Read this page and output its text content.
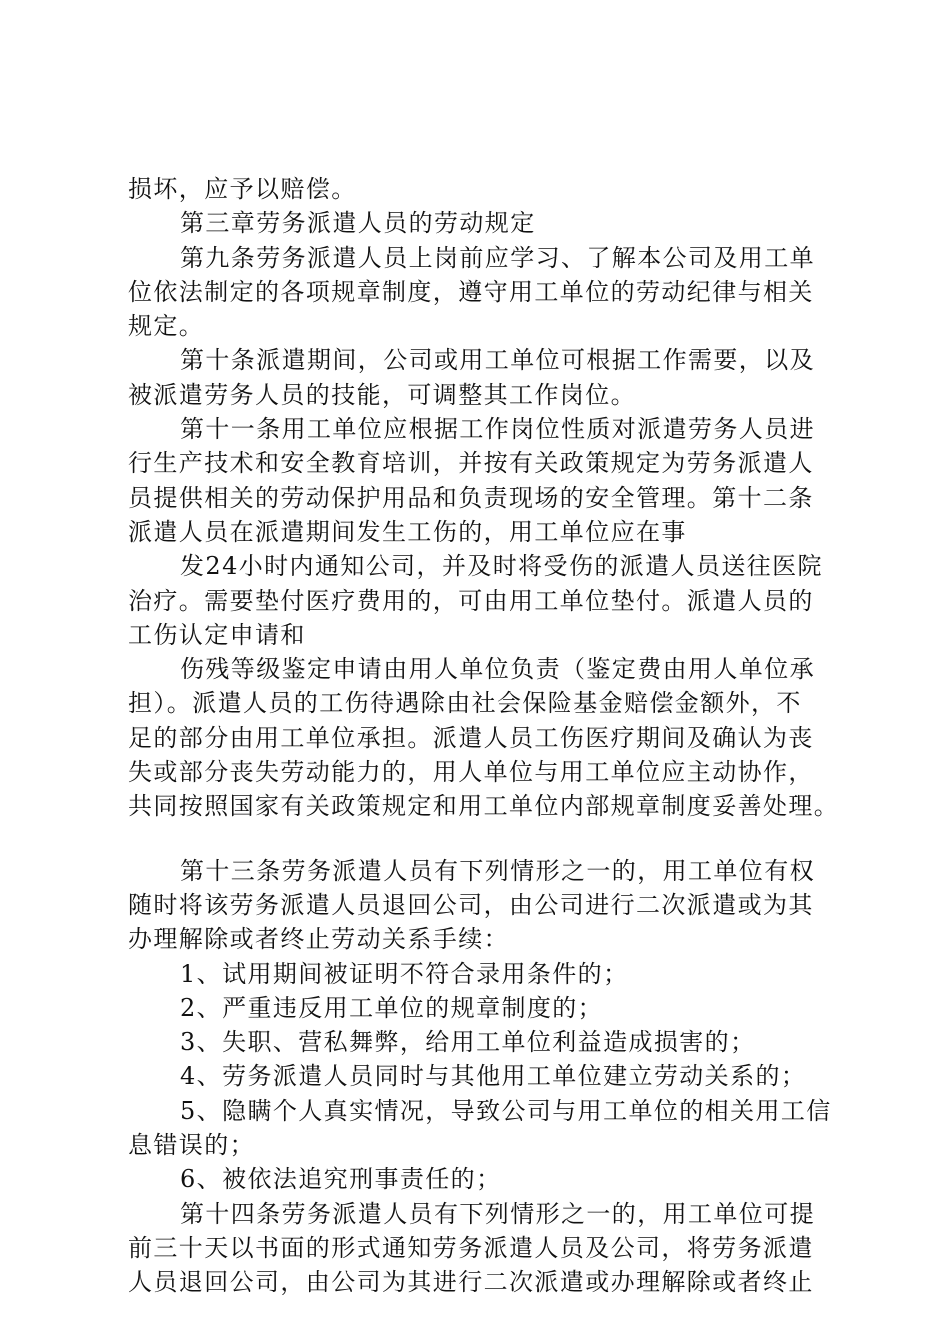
损坏，应予以赔偿。
第三章劳务派遣人员的劳动规定
第九条劳务派遣人员上岗前应学习、了解本公司及用工单
位依法制定的各项规章制度，遵守用工单位的劳动纪律与相关
规定。
第十条派遣期间，公司或用工单位可根据工作需要，以及
被派遣劳务人员的技能，可调整其工作岗位。
第十一条用工单位应根据工作岗位性质对派遣劳务人员进
行生产技术和安全教育培训，并按有关政策规定为劳务派遣人
员提供相关的劳动保护用品和负责现场的安全管理。第十二条
派遣人员在派遣期间发生工伤的，用工单位应在事
发24小时内通知公司，并及时将受伤的派遣人员送往医院
治疗。需要垫付医疗费用的，可由用工单位垫付。派遣人员的
工伤认定申请和
伤残等级鉴定申请由用人单位负责（鉴定费由用人单位承
担）。派遣人员的工伤待遇除由社会保险基金赔偿金额外，不
足的部分由用工单位承担。派遣人员工伤医疗期间及确认为丧
失或部分丧失劳动能力的，用人单位与用工单位应主动协作，
共同按照国家有关政策规定和用工单位内部规章制度妥善处理。
第十三条劳务派遣人员有下列情形之一的，用工单位有权
随时将该劳务派遣人员退回公司，由公司进行二次派遣或为其
办理解除或者终止劳动关系手续：
1、试用期间被证明不符合录用条件的；
2、严重违反用工单位的规章制度的；
3、失职、营私舞弊，给用工单位利益造成损害的；
4、劳务派遣人员同时与其他用工单位建立劳动关系的；
5、隐瞒个人真实情况，导致公司与用工单位的相关用工信
息错误的；
6、被依法追究刑事责任的；
第十四条劳务派遣人员有下列情形之一的，用工单位可提
前三十天以书面的形式通知劳务派遣人员及公司，将劳务派遣
人员退回公司，由公司为其进行二次派遣或办理解除或者终止
